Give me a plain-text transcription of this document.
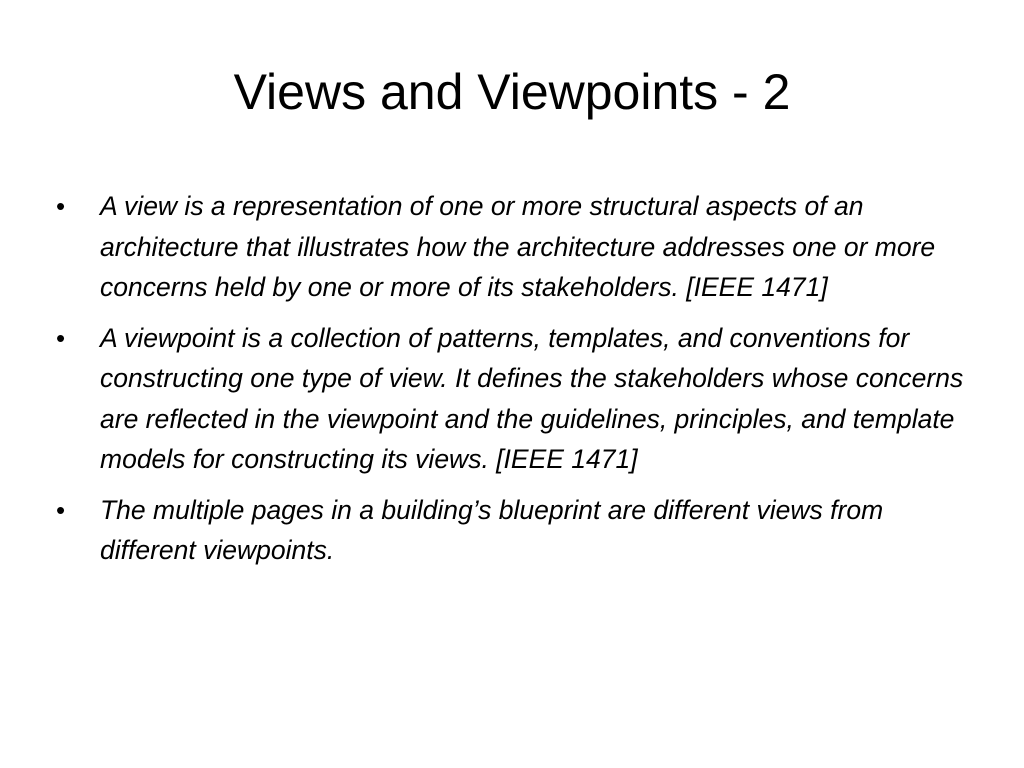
Views and Viewpoints - 2
•	A view is a representation of one or more structural aspects of an architecture that illustrates how the architecture addresses one or more concerns held by one or more of its stakeholders. [IEEE 1471]
•	A viewpoint is a collection of patterns, templates, and conventions for constructing one type of view. It defines the stakeholders whose concerns are reflected in the viewpoint and the guidelines, principles, and template models for constructing its views. [IEEE 1471]
•	The multiple pages in a building’s blueprint are different views from different viewpoints.
